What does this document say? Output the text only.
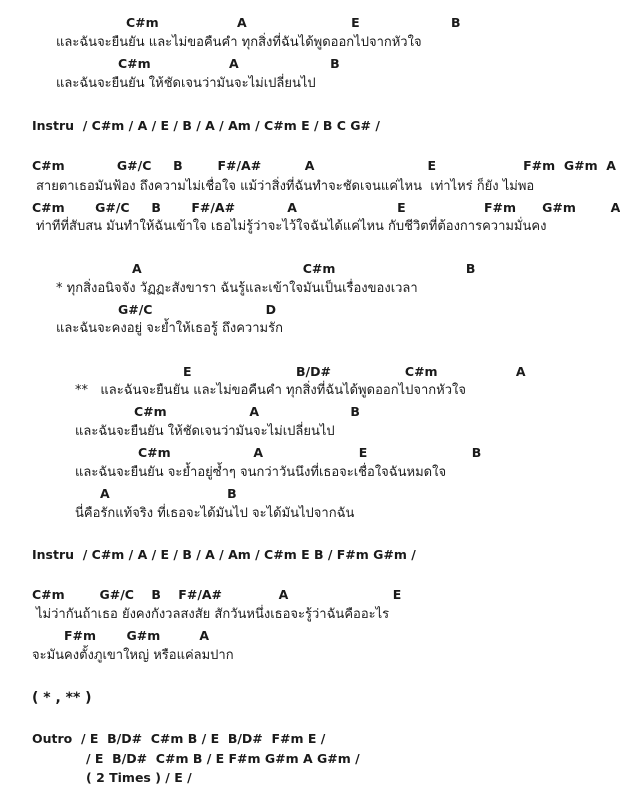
C#m                  A                        E                     B
และฉันจะยืนยัน และไม่ขอคืนคำ ทุกสิ่งที่ฉันได้พูดออกไปจากหัวใจ
C#m                  A                     B
และฉันจะยืนยัน ให้ชัดเจนว่ามันจะไม่เปลี่ยนไป
Instru  / C#m / A / E / B / A / Am / C#m E / B C G# /
C#m            G#/C     B        F#/A#          A                          E                    F#m  G#m  A
สายตาเธอมันฟ้อง ถึงความไม่เชื่อใจ แม้ว่าสิ่งที่ฉันทำจะชัดเจนแค่ไหน  เท่าไหร่ ก็ยัง ไม่พอ
C#m       G#/C     B       F#/A#            A                       E                  F#m      G#m        A
ท่าทีที่สับสน มันทำให้ฉันเข้าใจ เธอไม่รู้ว่าจะไว้ใจฉันได้แค่ไหน กับชีวิตที่ต้องการความมั่นคง
A                                     C#m                              B
* ทุกสิ่งอนิจจัง วัฏฏะสังขารา ฉันรู้และเข้าใจมันเป็นเรื่องของเวลา
G#/C                          D
และฉันจะคงอยู่ จะย้ำให้เธอรู้ ถึงความรัก
E                        B/D#                 C#m                  A
**   และฉันจะยืนยัน และไม่ขอคืนคำ ทุกสิ่งที่ฉันได้พูดออกไปจากหัวใจ
C#m                   A                     B
และฉันจะยืนยัน ให้ชัดเจนว่ามันจะไม่เปลี่ยนไป
C#m                   A                      E                        B
และฉันจะยืนยัน จะย้ำอยู่ซ้ำๆ จนกว่าวันนึงที่เธอจะเชื่อใจฉันหมดใจ
A                           B
นี่คือรักแท้จริง ที่เธอจะได้มันไป จะได้มันไปจากฉัน
Instru  / C#m / A / E / B / A / Am / C#m E B / F#m G#m /
C#m        G#/C    B    F#/A#             A                        E
ไม่ว่ากันถ้าเธอ ยังคงกังวลสงสัย สักวันหนึ่งเธอจะรู้ว่าฉันคืออะไร
F#m       G#m         A
จะมันคงตั้งภูเขาใหญ่ หรือแค่ลมปาก
( * , ** )
Outro  / E  B/D#  C#m B / E  B/D#  F#m E /
/ E  B/D#  C#m B / E F#m G#m A G#m /
( 2 Times ) / E /
